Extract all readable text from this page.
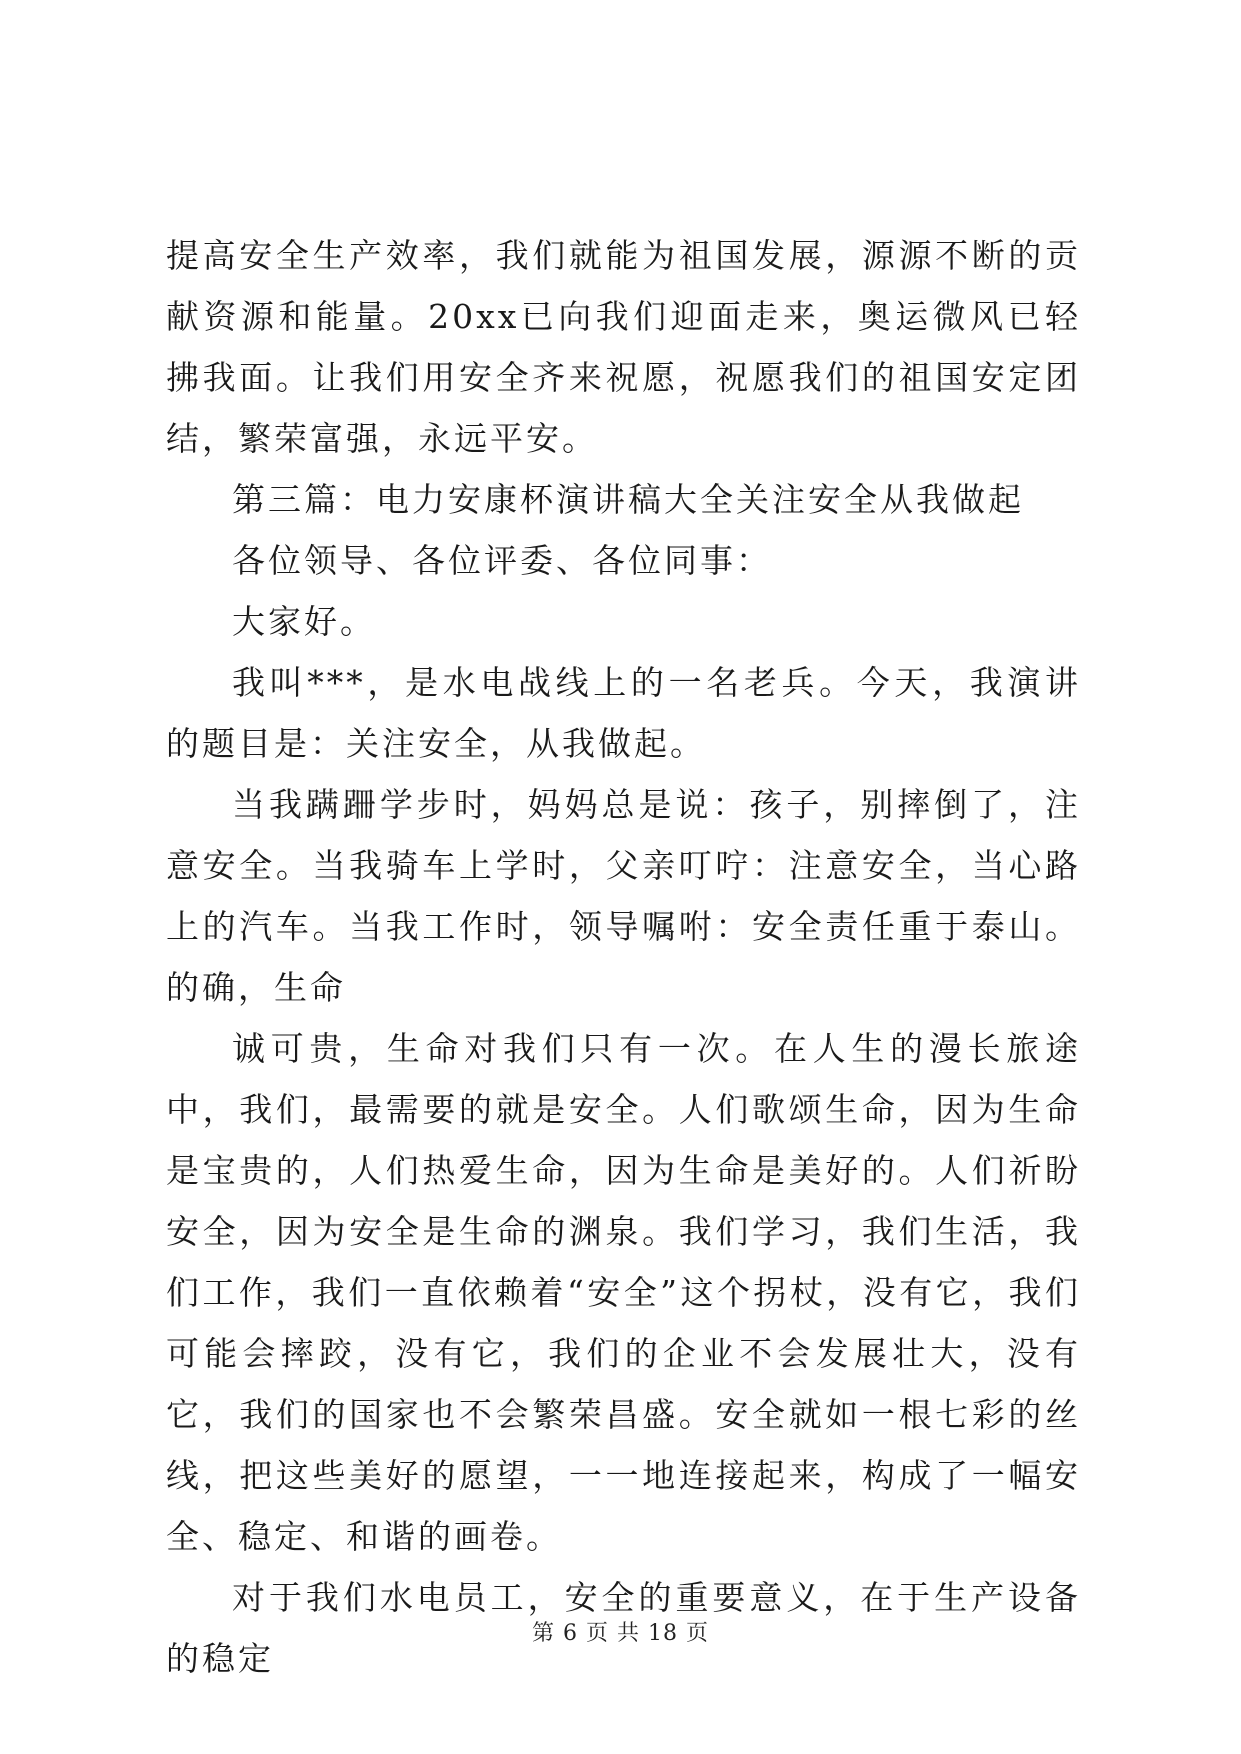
提高安全生产效率，我们就能为祖国发展，源源不断的贡献资源和能量。20xx已向我们迎面走来，奥运微风已轻拂我面。让我们用安全齐来祝愿，祝愿我们的祖国安定团结，繁荣富强，永远平安。

第三篇：电力安康杯演讲稿大全关注安全从我做起

各位领导、各位评委、各位同事：

大家好。

我叫***，是水电战线上的一名老兵。今天，我演讲的题目是：关注安全，从我做起。

当我蹒跚学步时，妈妈总是说：孩子，别摔倒了，注意安全。当我骑车上学时，父亲叮咛：注意安全，当心路上的汽车。当我工作时，领导嘱咐：安全责任重于泰山。的确，生命

诚可贵，生命对我们只有一次。在人生的漫长旅途中，我们，最需要的就是安全。人们歌颂生命，因为生命是宝贵的，人们热爱生命，因为生命是美好的。人们祈盼安全，因为安全是生命的渊泉。我们学习，我们生活，我们工作，我们一直依赖着“安全”这个拐杖，没有它，我们可能会摔跤，没有它，我们的企业不会发展壮大，没有它，我们的国家也不会繁荣昌盛。安全就如一根七彩的丝线，把这些美好的愿望，一一地连接起来，构成了一幅安全、稳定、和谐的画卷。

对于我们水电员工，安全的重要意义，在于生产设备的稳定

第 6 页 共 18 页
